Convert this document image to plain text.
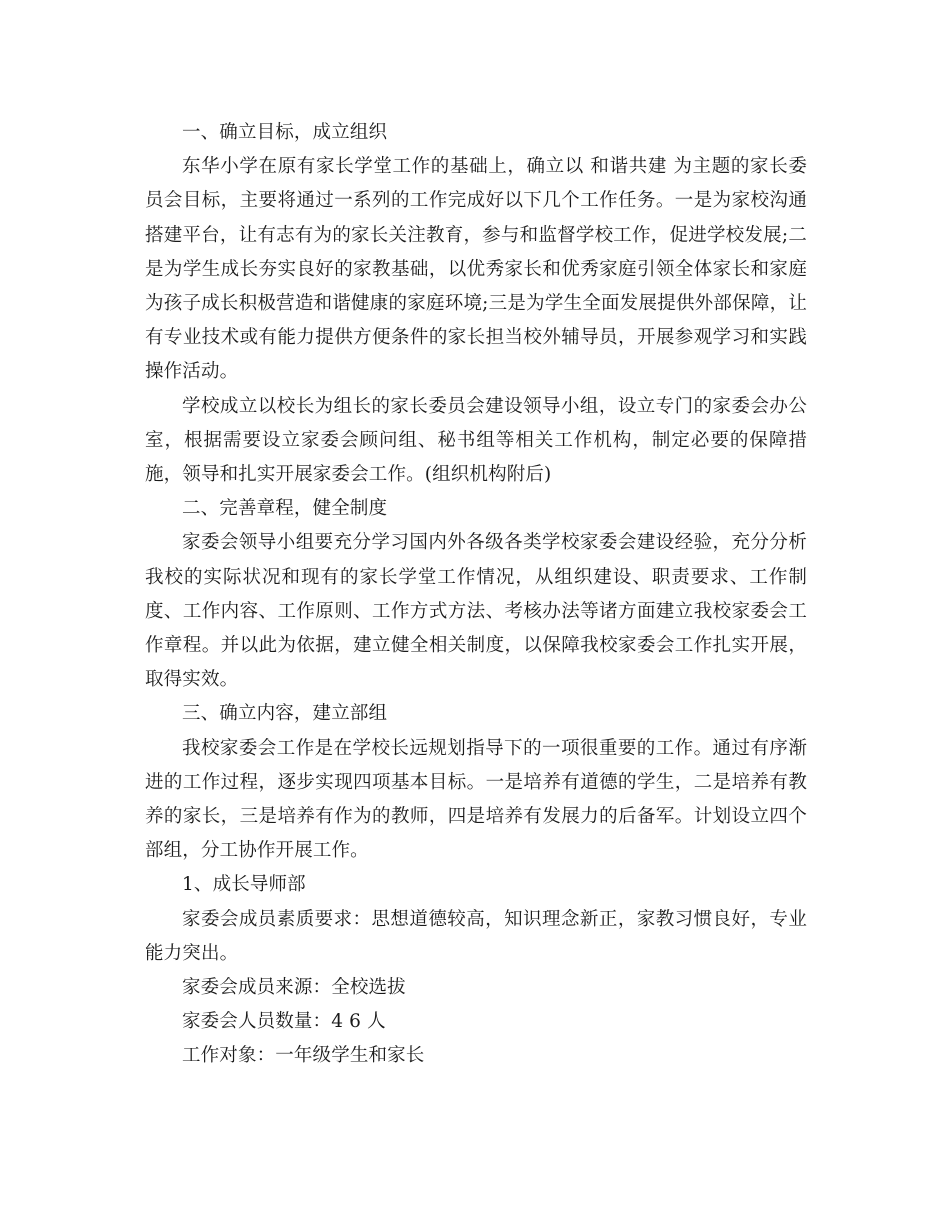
一、确立目标，成立组织

东华小学在原有家长学堂工作的基础上，确立以 和谐共建 为主题的家长委员会目标，主要将通过一系列的工作完成好以下几个工作任务。一是为家校沟通搭建平台，让有志有为的家长关注教育，参与和监督学校工作，促进学校发展;二是为学生成长夯实良好的家教基础，以优秀家长和优秀家庭引领全体家长和家庭为孩子成长积极营造和谐健康的家庭环境;三是为学生全面发展提供外部保障，让有专业技术或有能力提供方便条件的家长担当校外辅导员，开展参观学习和实践操作活动。

学校成立以校长为组长的家长委员会建设领导小组，设立专门的家委会办公室，根据需要设立家委会顾问组、秘书组等相关工作机构，制定必要的保障措施，领导和扎实开展家委会工作。(组织机构附后)

二、完善章程，健全制度

家委会领导小组要充分学习国内外各级各类学校家委会建设经验，充分分析我校的实际状况和现有的家长学堂工作情况，从组织建设、职责要求、工作制度、工作内容、工作原则、工作方式方法、考核办法等诸方面建立我校家委会工作章程。并以此为依据，建立健全相关制度，以保障我校家委会工作扎实开展，取得实效。

三、确立内容，建立部组

我校家委会工作是在学校长远规划指导下的一项很重要的工作。通过有序渐进的工作过程，逐步实现四项基本目标。一是培养有道德的学生，二是培养有教养的家长，三是培养有作为的教师，四是培养有发展力的后备军。计划设立四个部组，分工协作开展工作。

1、成长导师部

家委会成员素质要求：思想道德较高，知识理念新正，家教习惯良好，专业能力突出。

家委会成员来源：全校选拔

家委会人员数量：4 6 人

工作对象：一年级学生和家长
